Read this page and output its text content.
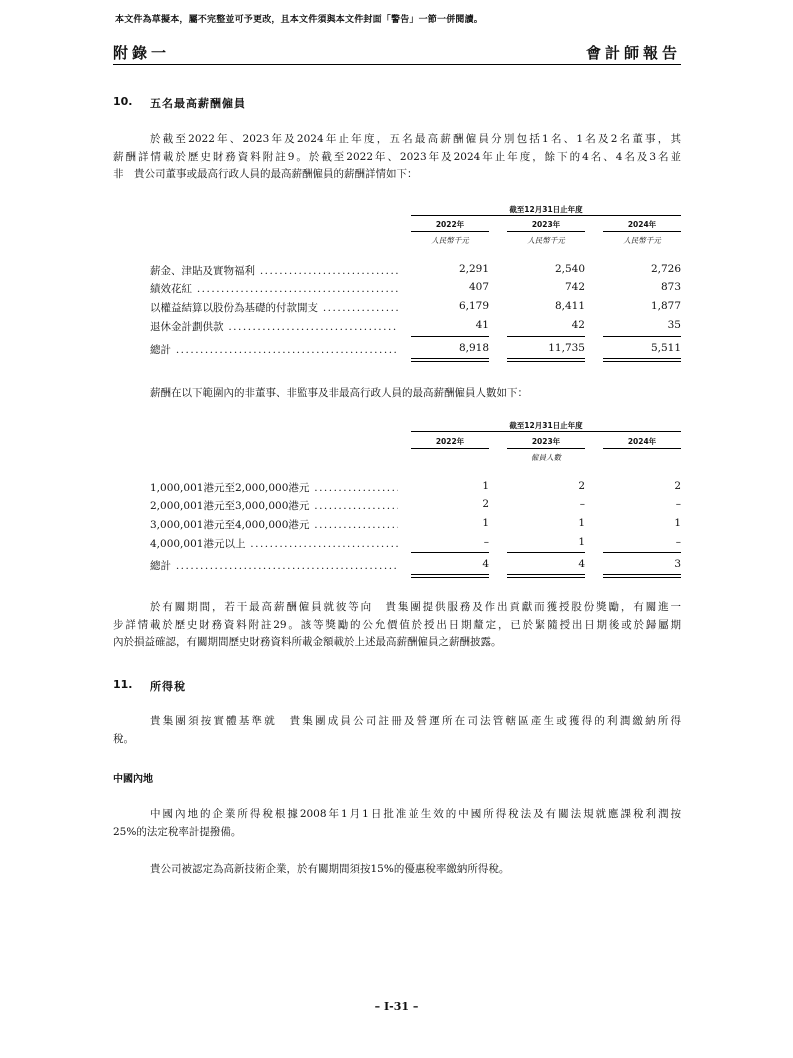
本文件為草擬本，屬不完整並可予更改，且本文件須與本文件封面「警告」一節一併閱讀。
附錄一	會計師報告
10. 五名最高薪酬僱員
於截至2022年、2023年及2024年止年度，五名最高薪酬僱員分別包括1名、1名及2名董事，其
薪酬詳情載於歷史財務資料附註9。於截至2022年、2023年及2024年止年度，餘下的4名、4名及3名並
非　貴公司董事或最高行政人員的最高薪酬僱員的薪酬詳情如下：
截至12月31日止年度
2022年	2023年	2024年
人民幣千元	人民幣千元	人民幣千元
薪金、津貼及實物福利 .....	2,291	2,540	2,726
績效花紅 .....	407	742	873
以權益結算以股份為基礎的付款開支 .....	6,179	8,411	1,877
退休金計劃供款 .....	41	42	35
總計 .....	8,918	11,735	5,511
薪酬在以下範圍內的非董事、非監事及非最高行政人員的最高薪酬僱員人數如下：
截至12月31日止年度
2022年	2023年	2024年
僱員人數
1,000,001港元至2,000,000港元 .....	1	2	2
2,000,001港元至3,000,000港元 .....	2	–	–
3,000,001港元至4,000,000港元 .....	1	1	1
4,000,001港元以上 .....	–	1	–
總計 .....	4	4	3
於有關期間，若干最高薪酬僱員就彼等向　貴集團提供服務及作出貢獻而獲授股份獎勵，有關進一
步詳情載於歷史財務資料附註29。該等獎勵的公允價值於授出日期釐定，已於緊隨授出日期後或於歸屬期
內於損益確認，有關期間歷史財務資料所載金額載於上述最高薪酬僱員之薪酬披露。
11. 所得稅
貴集團須按實體基準就　貴集團成員公司註冊及營運所在司法管轄區產生或獲得的利潤繳納所得
稅。
中國內地
中國內地的企業所得稅根據2008年1月1日批准並生效的中國所得稅法及有關法規就應課稅利潤按
25%的法定稅率計提撥備。
貴公司被認定為高新技術企業，於有關期間須按15%的優惠稅率繳納所得稅。
– I-31 –
